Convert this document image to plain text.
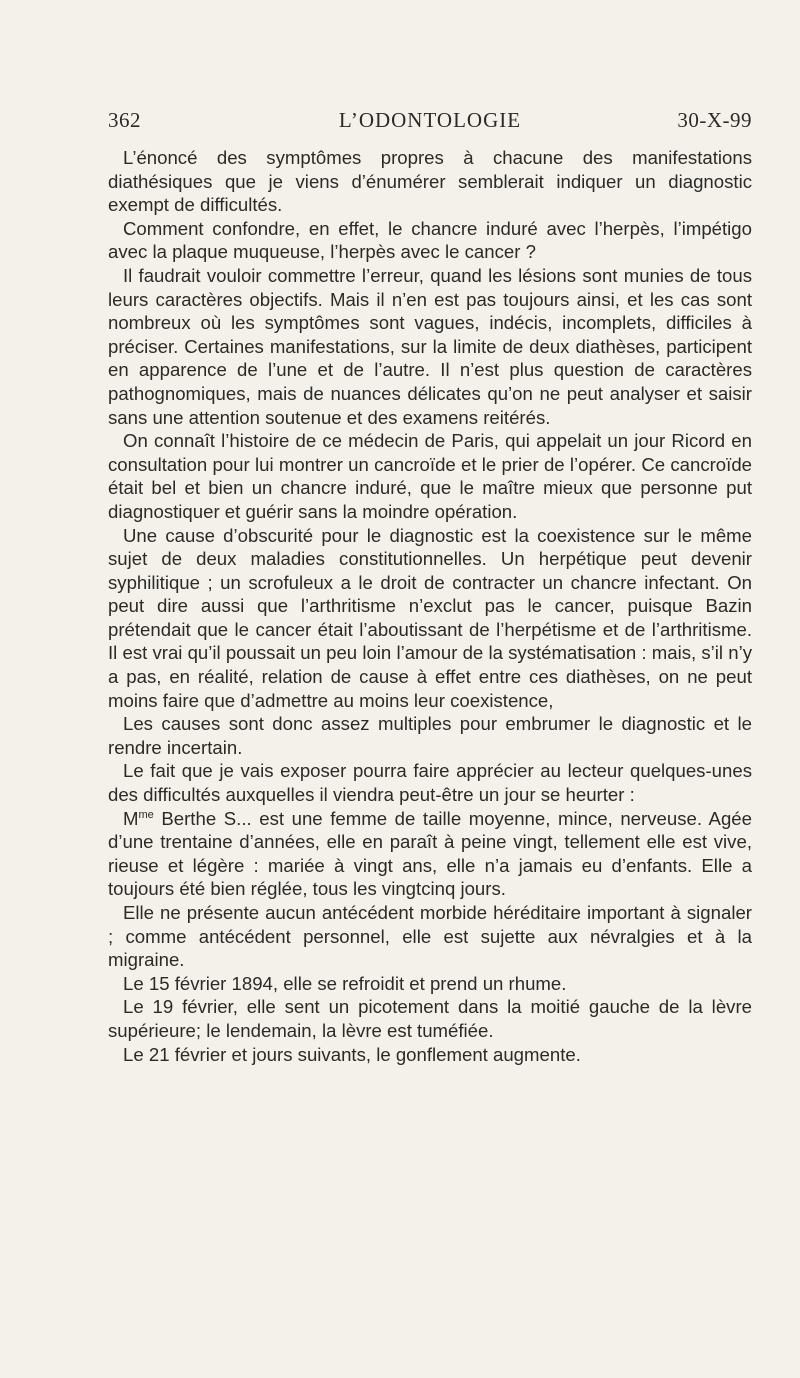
362	L’ODONTOLOGIE	30-X-99

L’énoncé des symptômes propres à chacune des manifestations diathésiques que je viens d’énumérer semblerait indiquer un diagnostic exempt de difficultés.

Comment confondre, en effet, le chancre induré avec l’herpès, l’impétigo avec la plaque muqueuse, l’herpès avec le cancer ?

Il faudrait vouloir commettre l’erreur, quand les lésions sont munies de tous leurs caractères objectifs. Mais il n’en est pas toujours ainsi, et les cas sont nombreux où les symptômes sont vagues, indécis, incomplets, difficiles à préciser. Certaines manifestations, sur la limite de deux diathèses, participent en apparence de l’une et de l’autre. Il n’est plus question de caractères pathognomiques, mais de nuances délicates qu’on ne peut analyser et saisir sans une attention soutenue et des examens reitérés.

On connaît l’histoire de ce médecin de Paris, qui appelait un jour Ricord en consultation pour lui montrer un cancroïde et le prier de l’opérer. Ce cancroïde était bel et bien un chancre induré, que le maître mieux que personne put diagnostiquer et guérir sans la moindre opération.

Une cause d’obscurité pour le diagnostic est la coexistence sur le même sujet de deux maladies constitutionnelles. Un herpétique peut devenir syphilitique ; un scrofuleux a le droit de contracter un chancre infectant. On peut dire aussi que l’arthritisme n’exclut pas le cancer, puisque Bazin prétendait que le cancer était l’aboutissant de l’herpétisme et de l’arthritisme. Il est vrai qu’il poussait un peu loin l’amour de la systématisation : mais, s’il n’y a pas, en réalité, relation de cause à effet entre ces diathèses, on ne peut moins faire que d’admettre au moins leur coexistence,

Les causes sont donc assez multiples pour embrumer le diagnostic et le rendre incertain.

Le fait que je vais exposer pourra faire apprécier au lecteur quelques-unes des difficultés auxquelles il viendra peut-être un jour se heurter :

$M^{me}$ Berthe S... est une femme de taille moyenne, mince, nerveuse. Agée d’une trentaine d’années, elle en paraît à peine vingt, tellement elle est vive, rieuse et légère : mariée à vingt ans, elle n’a jamais eu d’enfants. Elle a toujours été bien réglée, tous les vingtcinq jours.

Elle ne présente aucun antécédent morbide héréditaire important à signaler ; comme antécédent personnel, elle est sujette aux névralgies et à la migraine.

Le 15 février 1894, elle se refroidit et prend un rhume.

Le 19 février, elle sent un picotement dans la moitié gauche de la lèvre supérieure; le lendemain, la lèvre est tuméfiée.

Le 21 février et jours suivants, le gonflement augmente.
